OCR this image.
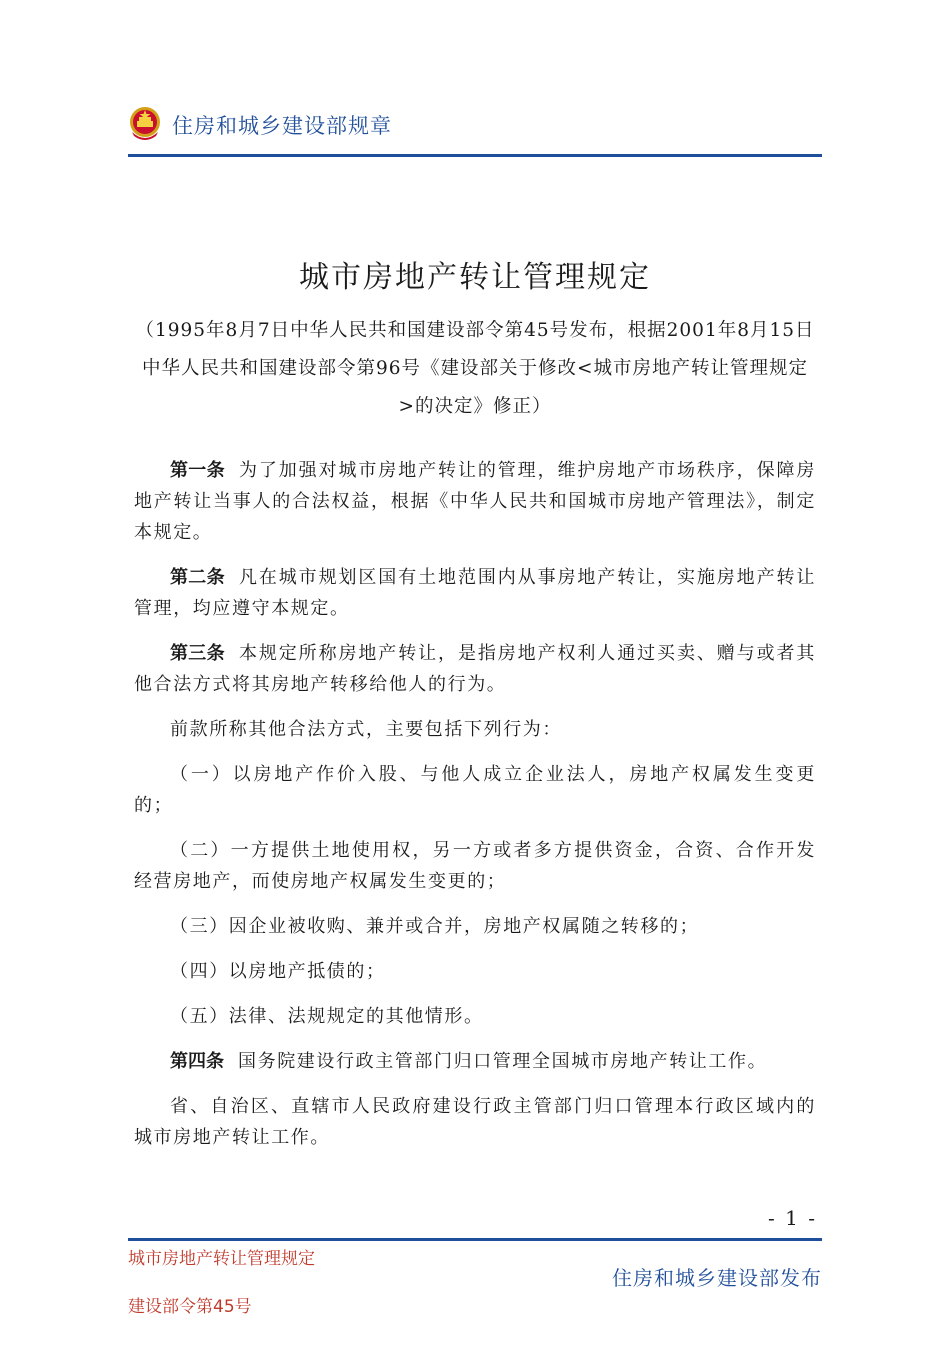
住房和城乡建设部规章
城市房地产转让管理规定
（1995年8月7日中华人民共和国建设部令第45号发布，根据2001年8月15日中华人民共和国建设部令第96号《建设部关于修改<城市房地产转让管理规定>的决定》修正）

第一条 为了加强对城市房地产转让的管理，维护房地产市场秩序，保障房地产转让当事人的合法权益，根据《中华人民共和国城市房地产管理法》，制定本规定。

第二条 凡在城市规划区国有土地范围内从事房地产转让，实施房地产转让管理，均应遵守本规定。

第三条 本规定所称房地产转让，是指房地产权利人通过买卖、赠与或者其他合法方式将其房地产转移给他人的行为。

前款所称其他合法方式，主要包括下列行为：

（一）以房地产作价入股、与他人成立企业法人，房地产权属发生变更的；

（二）一方提供土地使用权，另一方或者多方提供资金，合资、合作开发经营房地产，而使房地产权属发生变更的；

（三）因企业被收购、兼并或合并，房地产权属随之转移的；

（四）以房地产抵债的；

（五）法律、法规规定的其他情形。

第四条 国务院建设行政主管部门归口管理全国城市房地产转让工作。

省、自治区、直辖市人民政府建设行政主管部门归口管理本行政区域内的城市房地产转让工作。

- 1 -
城市房地产转让管理规定
建设部令第45号
住房和城乡建设部发布
